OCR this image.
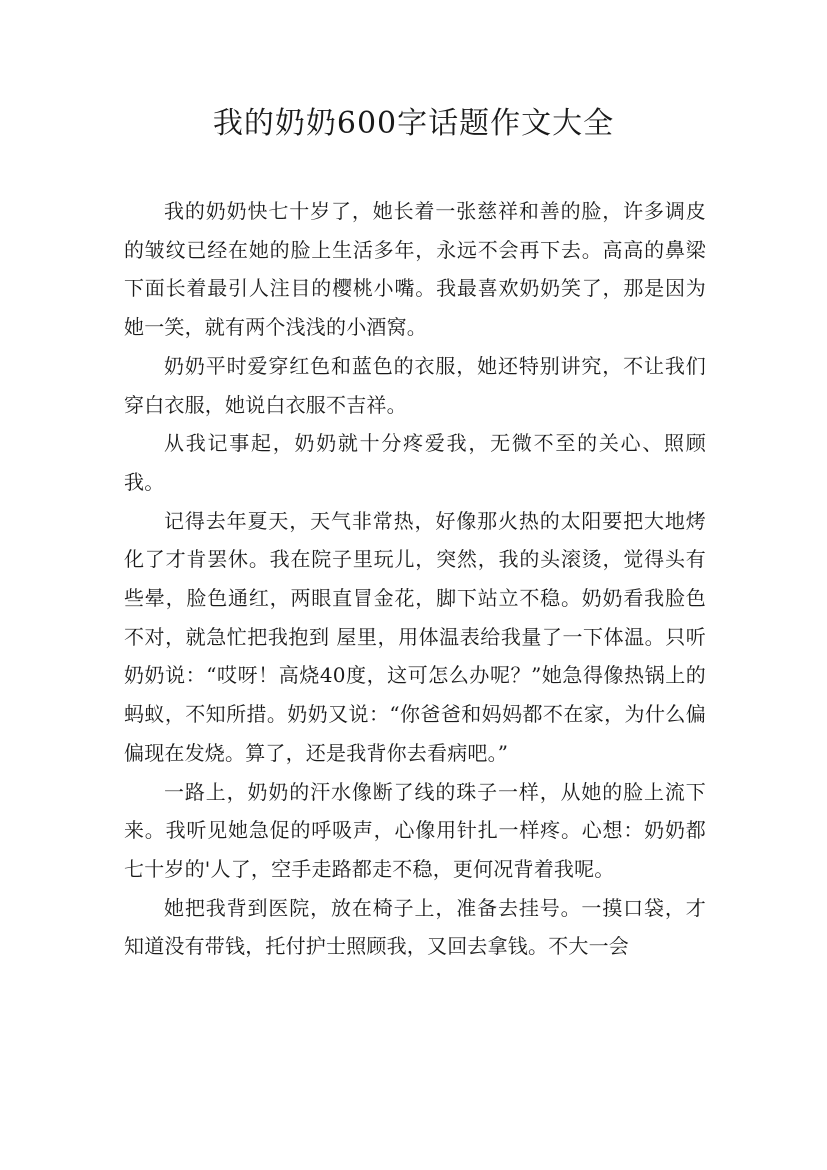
我的奶奶600字话题作文大全

我的奶奶快七十岁了，她长着一张慈祥和善的脸，许多调皮的皱纹已经在她的脸上生活多年，永远不会再下去。高高的鼻梁下面长着最引人注目的樱桃小嘴。我最喜欢奶奶笑了，那是因为她一笑，就有两个浅浅的小酒窝。

奶奶平时爱穿红色和蓝色的衣服，她还特别讲究，不让我们穿白衣服，她说白衣服不吉祥。

从我记事起，奶奶就十分疼爱我，无微不至的关心、照顾我。

记得去年夏天，天气非常热，好像那火热的太阳要把大地烤化了才肯罢休。我在院子里玩儿，突然，我的头滚烫，觉得头有些晕，脸色通红，两眼直冒金花，脚下站立不稳。奶奶看我脸色不对，就急忙把我抱到 屋里，用体温表给我量了一下体温。只听奶奶说：“哎呀！高烧40度，这可怎么办呢？”她急得像热锅上的蚂蚁，不知所措。奶奶又说：“你爸爸和妈妈都不在家，为什么偏偏现在发烧。算了，还是我背你去看病吧。”

一路上，奶奶的汗水像断了线的珠子一样，从她的脸上流下来。我听见她急促的呼吸声，心像用针扎一样疼。心想：奶奶都七十岁的'人了，空手走路都走不稳，更何况背着我呢。

她把我背到医院，放在椅子上，准备去挂号。一摸口袋，才知道没有带钱，托付护士照顾我，又回去拿钱。不大一会
